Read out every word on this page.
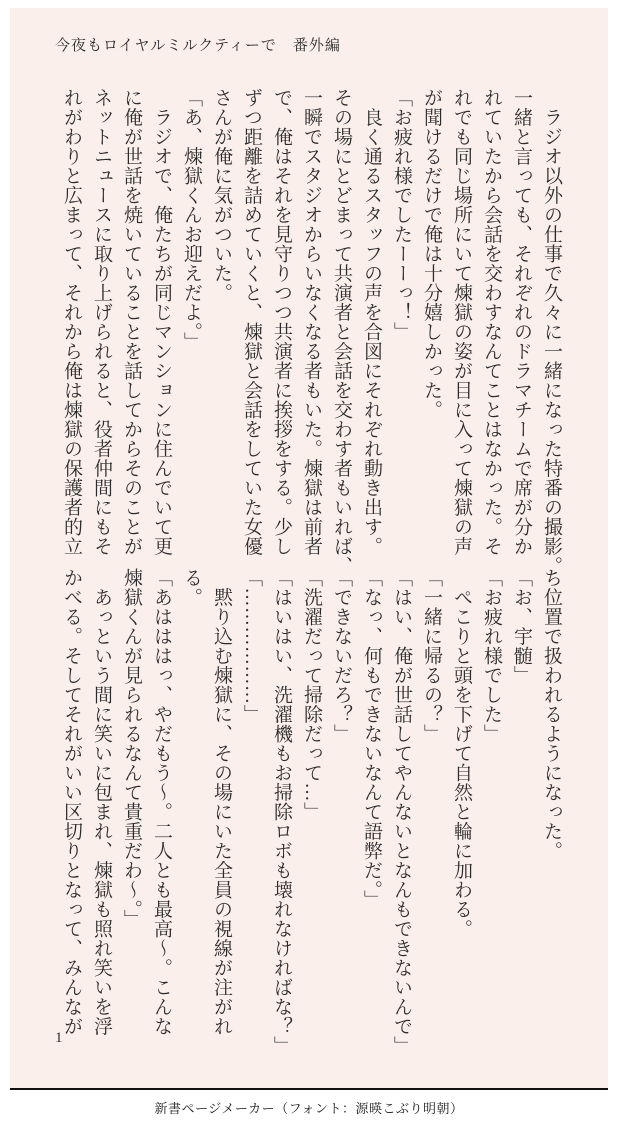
今夜もロイヤルミルクティーで　番外編

　ラジオ以外の仕事で久々に一緒になった特番の撮影。

一緒と言っても、それぞれのドラマチームで席が分か

れていたから会話を交わすなんてことはなかった。そ

れでも同じ場所にいて煉獄の姿が目に入って煉獄の声

が聞けるだけで俺は十分嬉しかった。

「お疲れ様でしたーーっ！」

　良く通るスタッフの声を合図にそれぞれ動き出す。

その場にとどまって共演者と会話を交わす者もいれば、

一瞬でスタジオからいなくなる者もいた。煉獄は前者

で、俺はそれを見守りつつ共演者に挨拶をする。少し

ずつ距離を詰めていくと、煉獄と会話をしていた女優

さんが俺に気がついた。

「あ、煉獄くんお迎えだよ。」

　ラジオで、俺たちが同じマンションに住んでいて更

に俺が世話を焼いていることを話してからそのことが

ネットニュースに取り上げられると、役者仲間にもそ

れがわりと広まって、それから俺は煉獄の保護者的立

ち位置で扱われるようになった。

「お、宇髄」

「お疲れ様でした」

　ぺこりと頭を下げて自然と輪に加わる。

「一緒に帰るの？」

「はい、俺が世話してやんないとなんもできないんで」

「なっ、何もできないなんて語弊だ。」

「できないだろ？」

「洗濯だって掃除だって…」

「はいはい、洗濯機もお掃除ロボも壊れなければな？」

「………………」

　黙り込む煉獄に、その場にいた全員の視線が注がれ

る。

「あはははっ、やだもう～。二人とも最高～。こんな

煉獄くんが見られるなんて貴重だわ～。」

　あっという間に笑いに包まれ、煉獄も照れ笑いを浮

かべる。そしてそれがいい区切りとなって、みんなが

1
新書ページメーカー（フォント：源暎こぶり明朝）
